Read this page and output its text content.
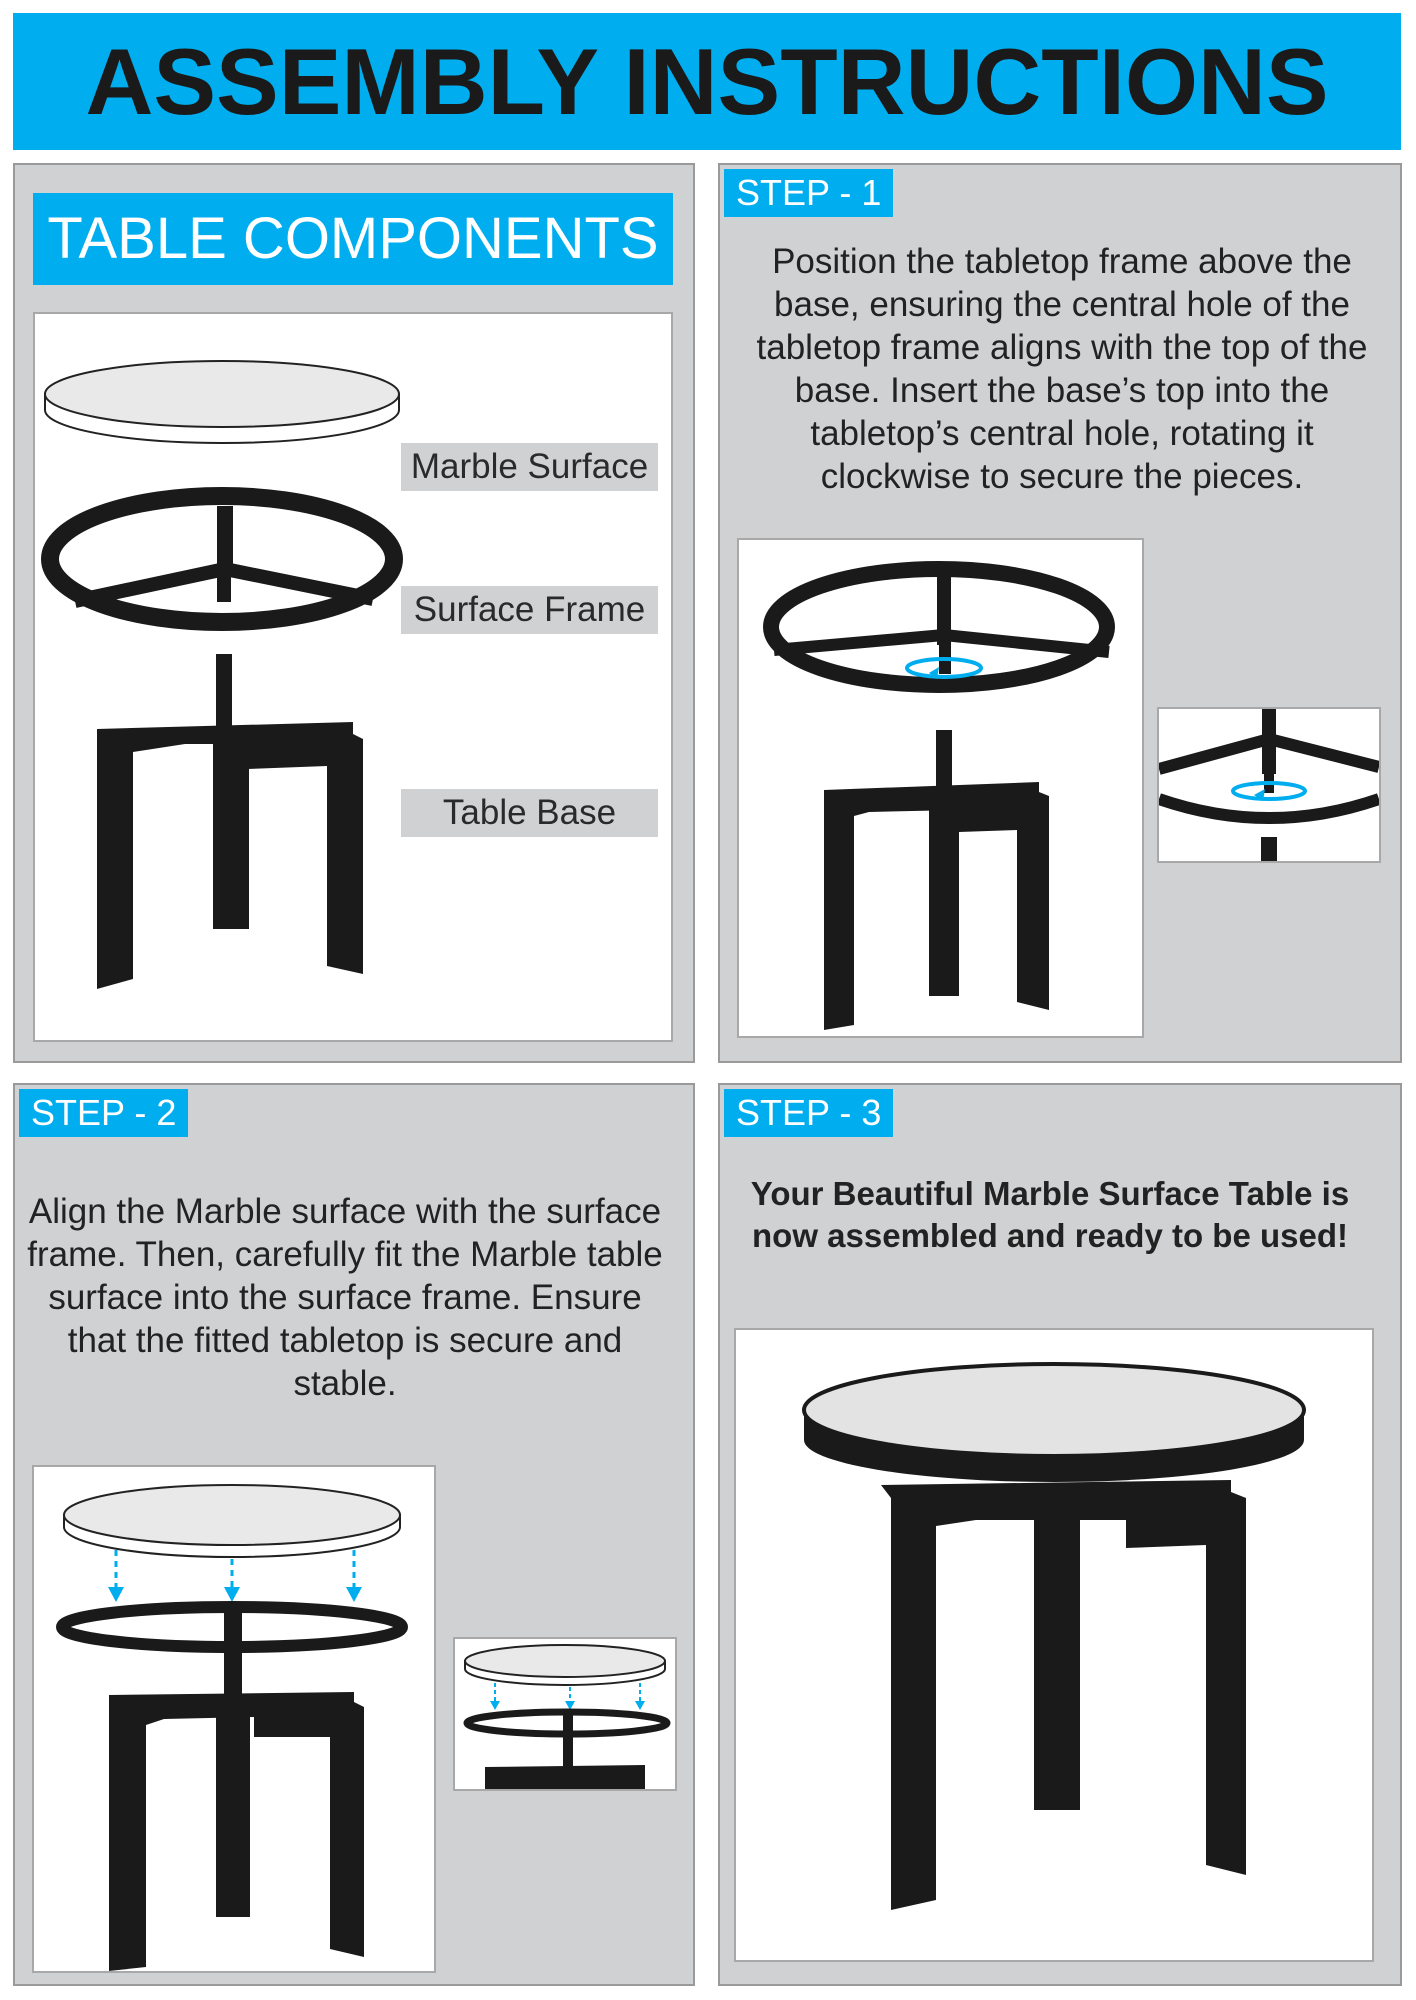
ASSEMBLY INSTRUCTIONS
TABLE COMPONENTS
Marble Surface
Surface Frame
Table Base
STEP - 1
Position the tabletop frame above the base, ensuring the central hole of the tabletop frame aligns with the top of the base. Insert the base’s top into the tabletop’s central hole, rotating it clockwise to secure the pieces.
STEP - 2
Align the Marble surface with the surface frame. Then, carefully fit the Marble table surface into the surface frame. Ensure that the fitted tabletop is secure and stable.
STEP - 3
Your Beautiful Marble Surface Table is now assembled and ready to be used!
